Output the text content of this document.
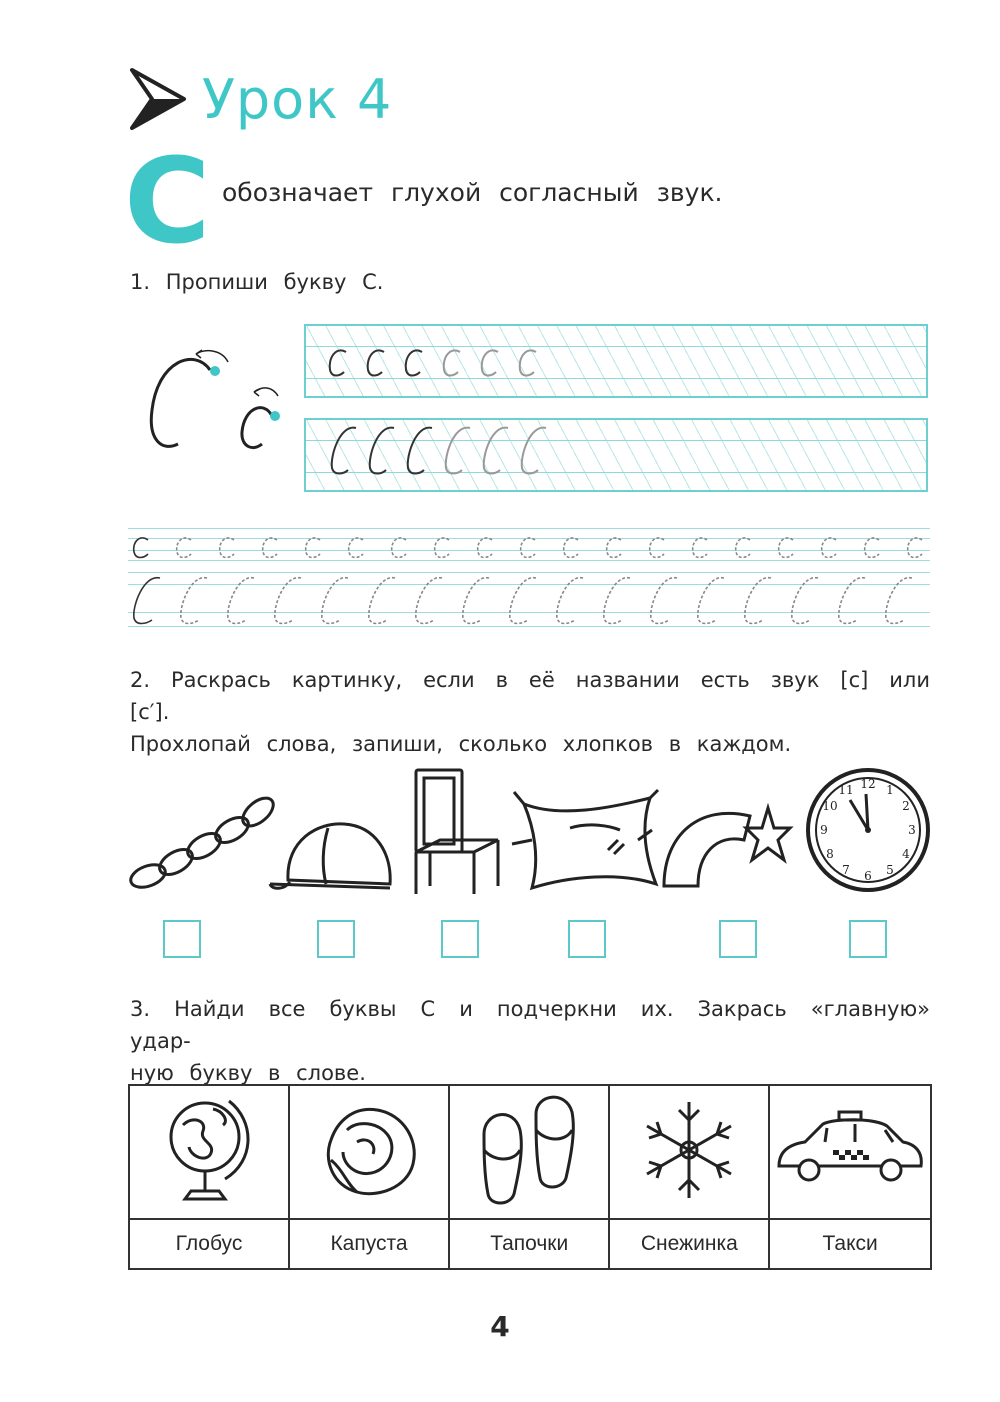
Урок 4
С обозначает глухой согласный звук.
1. Пропиши букву С.

2. Раскрась картинку, если в её названии есть звук [с] или [с′].

Прохлопай слова, запиши, сколько хлопков в каждом.

12 1
2
3
4
5
6
7
8
9
10
11

3. Найди все буквы С и подчеркни их. Закрась «главную» удар-

ную букву в слове.

Глобус	Капуста	Тапочки	Снежинка	Такси
4
